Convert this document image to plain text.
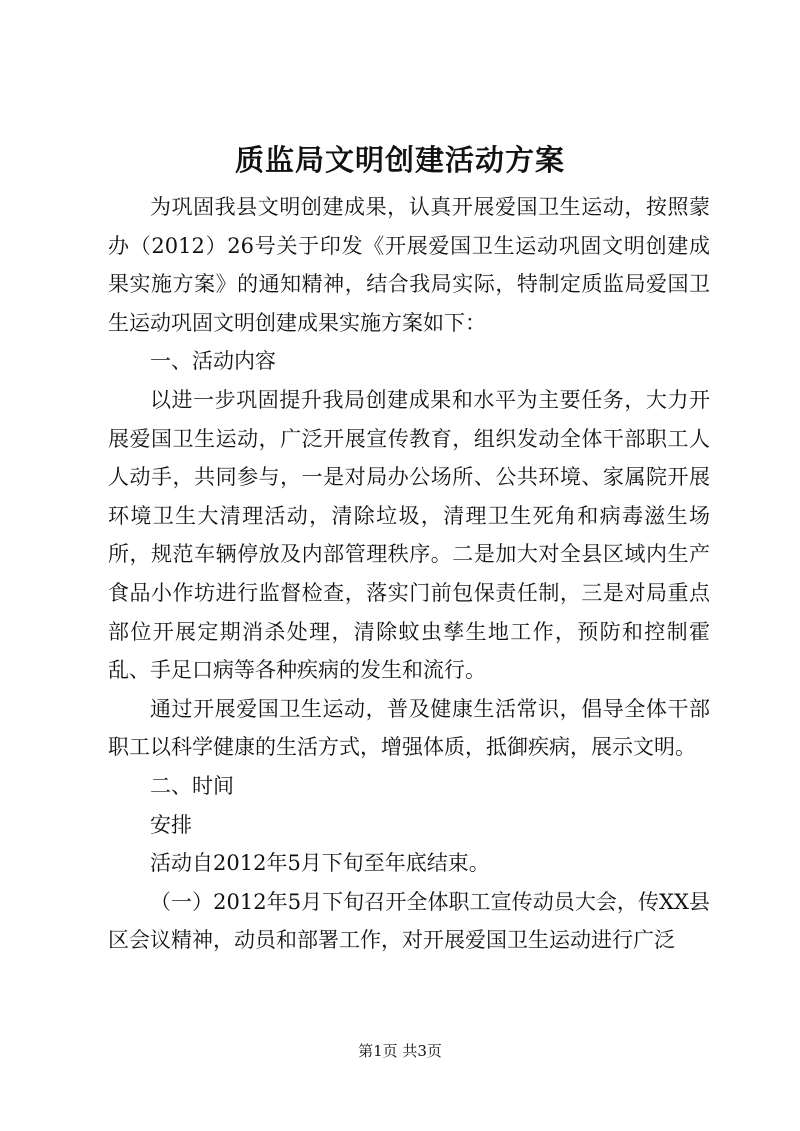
质监局文明创建活动方案

为巩固我县文明创建成果，认真开展爱国卫生运动，按照蒙办（2012）26号关于印发《开展爱国卫生运动巩固文明创建成果实施方案》的通知精神，结合我局实际，特制定质监局爱国卫生运动巩固文明创建成果实施方案如下：

一、活动内容

以进一步巩固提升我局创建成果和水平为主要任务，大力开展爱国卫生运动，广泛开展宣传教育，组织发动全体干部职工人人动手，共同参与，一是对局办公场所、公共环境、家属院开展环境卫生大清理活动，清除垃圾，清理卫生死角和病毒滋生场所，规范车辆停放及内部管理秩序。二是加大对全县区域内生产食品小作坊进行监督检查，落实门前包保责任制，三是对局重点部位开展定期消杀处理，清除蚊虫孳生地工作，预防和控制霍乱、手足口病等各种疾病的发生和流行。

通过开展爱国卫生运动，普及健康生活常识，倡导全体干部职工以科学健康的生活方式，增强体质，抵御疾病，展示文明。

二、时间

安排

活动自2012年5月下旬至年底结束。

（一）2012年5月下旬召开全体职工宣传动员大会，传XX县区会议精神，动员和部署工作，对开展爱国卫生运动进行广泛

第1页 共3页
